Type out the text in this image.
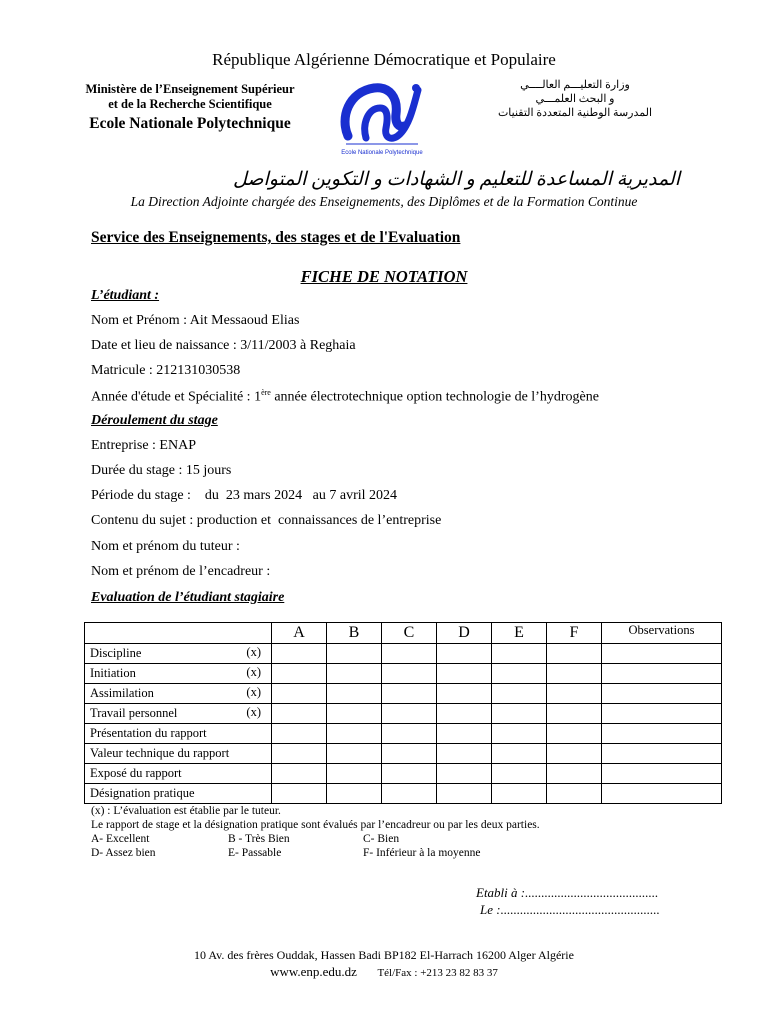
République Algérienne Démocratique et Populaire
Ministère de l’Enseignement Supérieur
et de la Recherche Scientifique
Ecole Nationale Polytechnique
Ecole Nationale Polytechnique
وزارة التعليـــم العالــــي
و البحث العلمـــي
المدرسة الوطنية المتعددة التقنيات
المديرية المساعدة للتعليم و الشهادات و التكوين المتواصل
La Direction Adjointe chargée des Enseignements, des Diplômes et de la Formation Continue
Service des Enseignements, des stages et de l'Evaluation
FICHE DE NOTATION
L’étudiant :
Nom et Prénom : Ait Messaoud Elias
Date et lieu de naissance : 3/11/2003 à Reghaia
Matricule : 212131030538
Année d'étude et Spécialité : 1ère année électrotechnique option technologie de l’hydrogène
Déroulement du stage
Entreprise : ENAP
Durée du stage : 15 jours
Période du stage :    du  23 mars 2024   au 7 avril 2024
Contenu du sujet : production et  connaissances de l’entreprise
Nom et prénom du tuteur :
Nom et prénom de l’encadreur :
Evaluation de l’étudiant stagiaire
	A	B	C	D	E	F	Observations
Discipline (x)							

Initiation (x)							

Assimilation (x)							

Travail personnel (x)							

Présentation du rapport							
Valeur technique du rapport							
Exposé du rapport							
Désignation pratique							
(x) : L’évaluation est établie par le tuteur.
Le rapport de stage et la désignation pratique sont évalués par l’encadreur ou par les deux parties.
A- Excellent	B - Très Bien	C- Bien
D- Assez bien	E- Passable	F- Inférieur à la moyenne
Etabli à :.........................................
Le :.................................................
10 Av. des frères Ouddak, Hassen Badi BP182 El-Harrach 16200 Alger Algérie
www.enp.edu.dz Tél/Fax : +213 23 82 83 37
